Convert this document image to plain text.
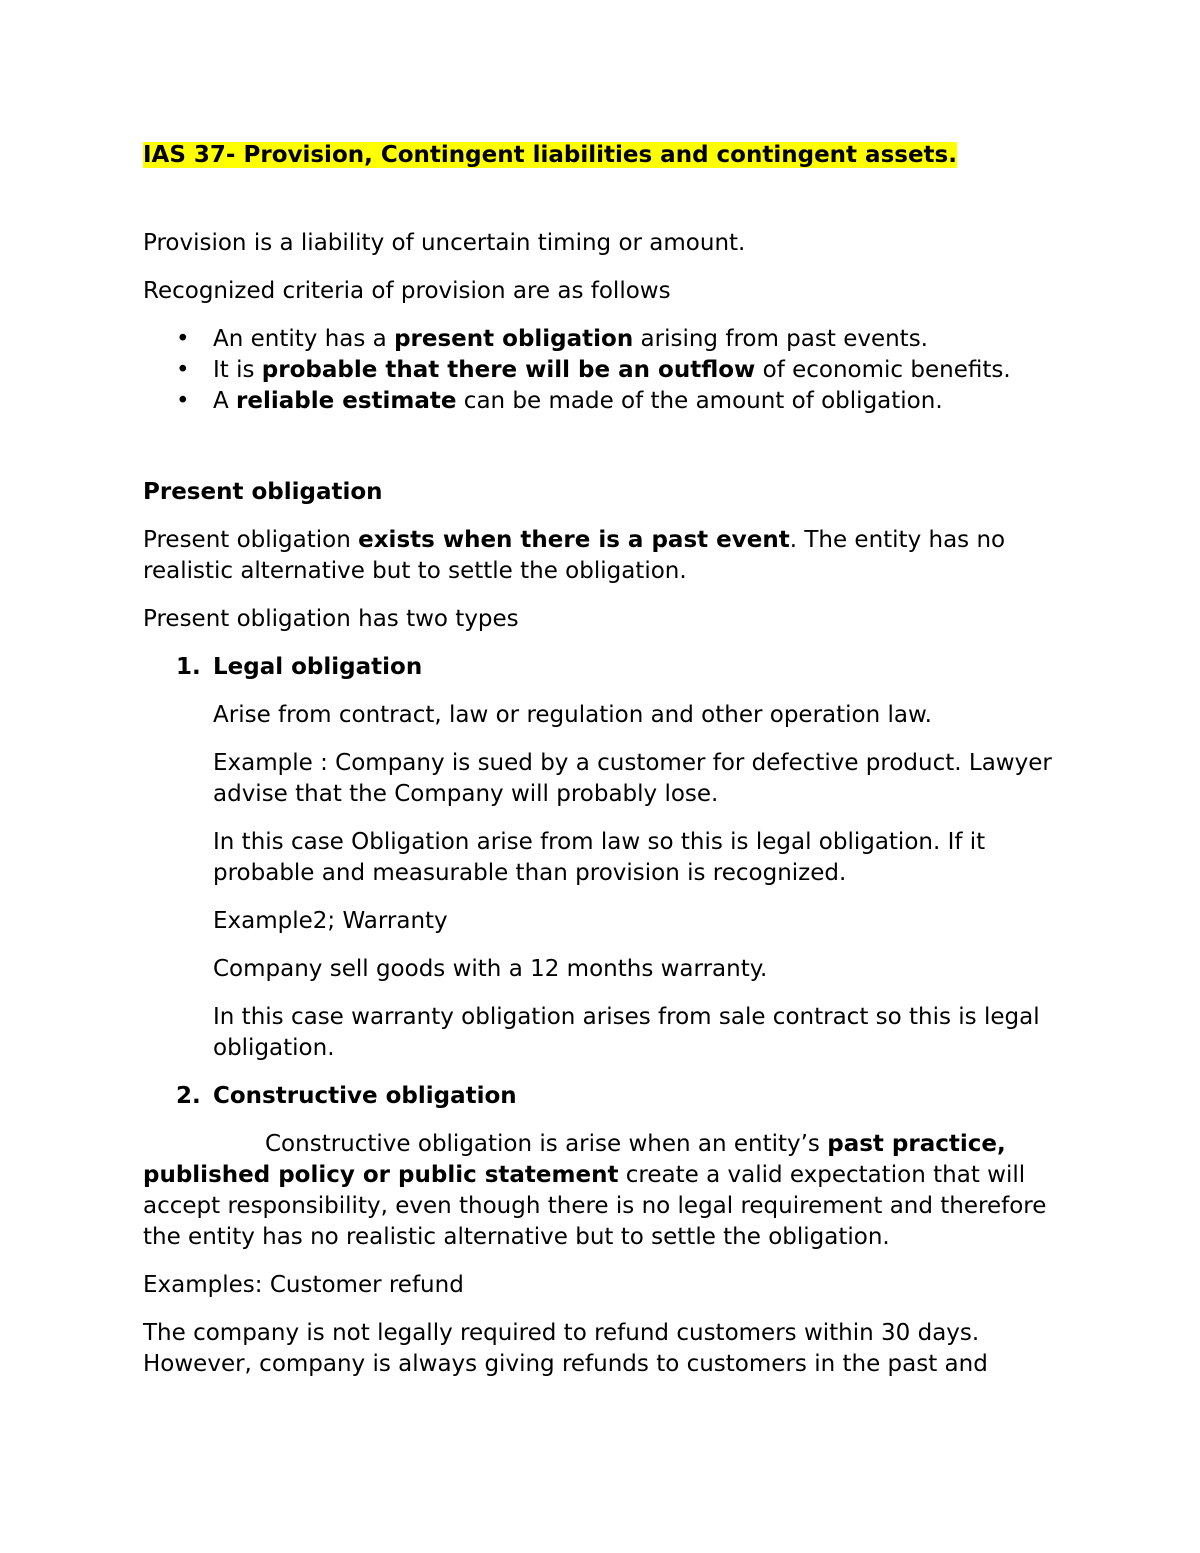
IAS 37- Provision, Contingent liabilities and contingent assets.

Provision is a liability of uncertain timing or amount.

Recognized criteria of provision are as follows

• An entity has a present obligation arising from past events.
• It is probable that there will be an outflow of economic benefits.
• A reliable estimate can be made of the amount of obligation.

Present obligation

Present obligation exists when there is a past event. The entity has no realistic alternative but to settle the obligation.

Present obligation has two types

1. Legal obligation

Arise from contract, law or regulation and other operation law.

Example : Company is sued by a customer for defective product. Lawyer advise that the Company will probably lose.

In this case Obligation arise from law so this is legal obligation. If it probable and measurable than provision is recognized.

Example2; Warranty

Company sell goods with a 12 months warranty.

In this case warranty obligation arises from sale contract so this is legal obligation.

2. Constructive obligation

Constructive obligation is arise when an entity’s past practice, published policy or public statement create a valid expectation that will accept responsibility, even though there is no legal requirement and therefore the entity has no realistic alternative but to settle the obligation.

Examples: Customer refund

The company is not legally required to refund customers within 30 days. However, company is always giving refunds to customers in the past and
